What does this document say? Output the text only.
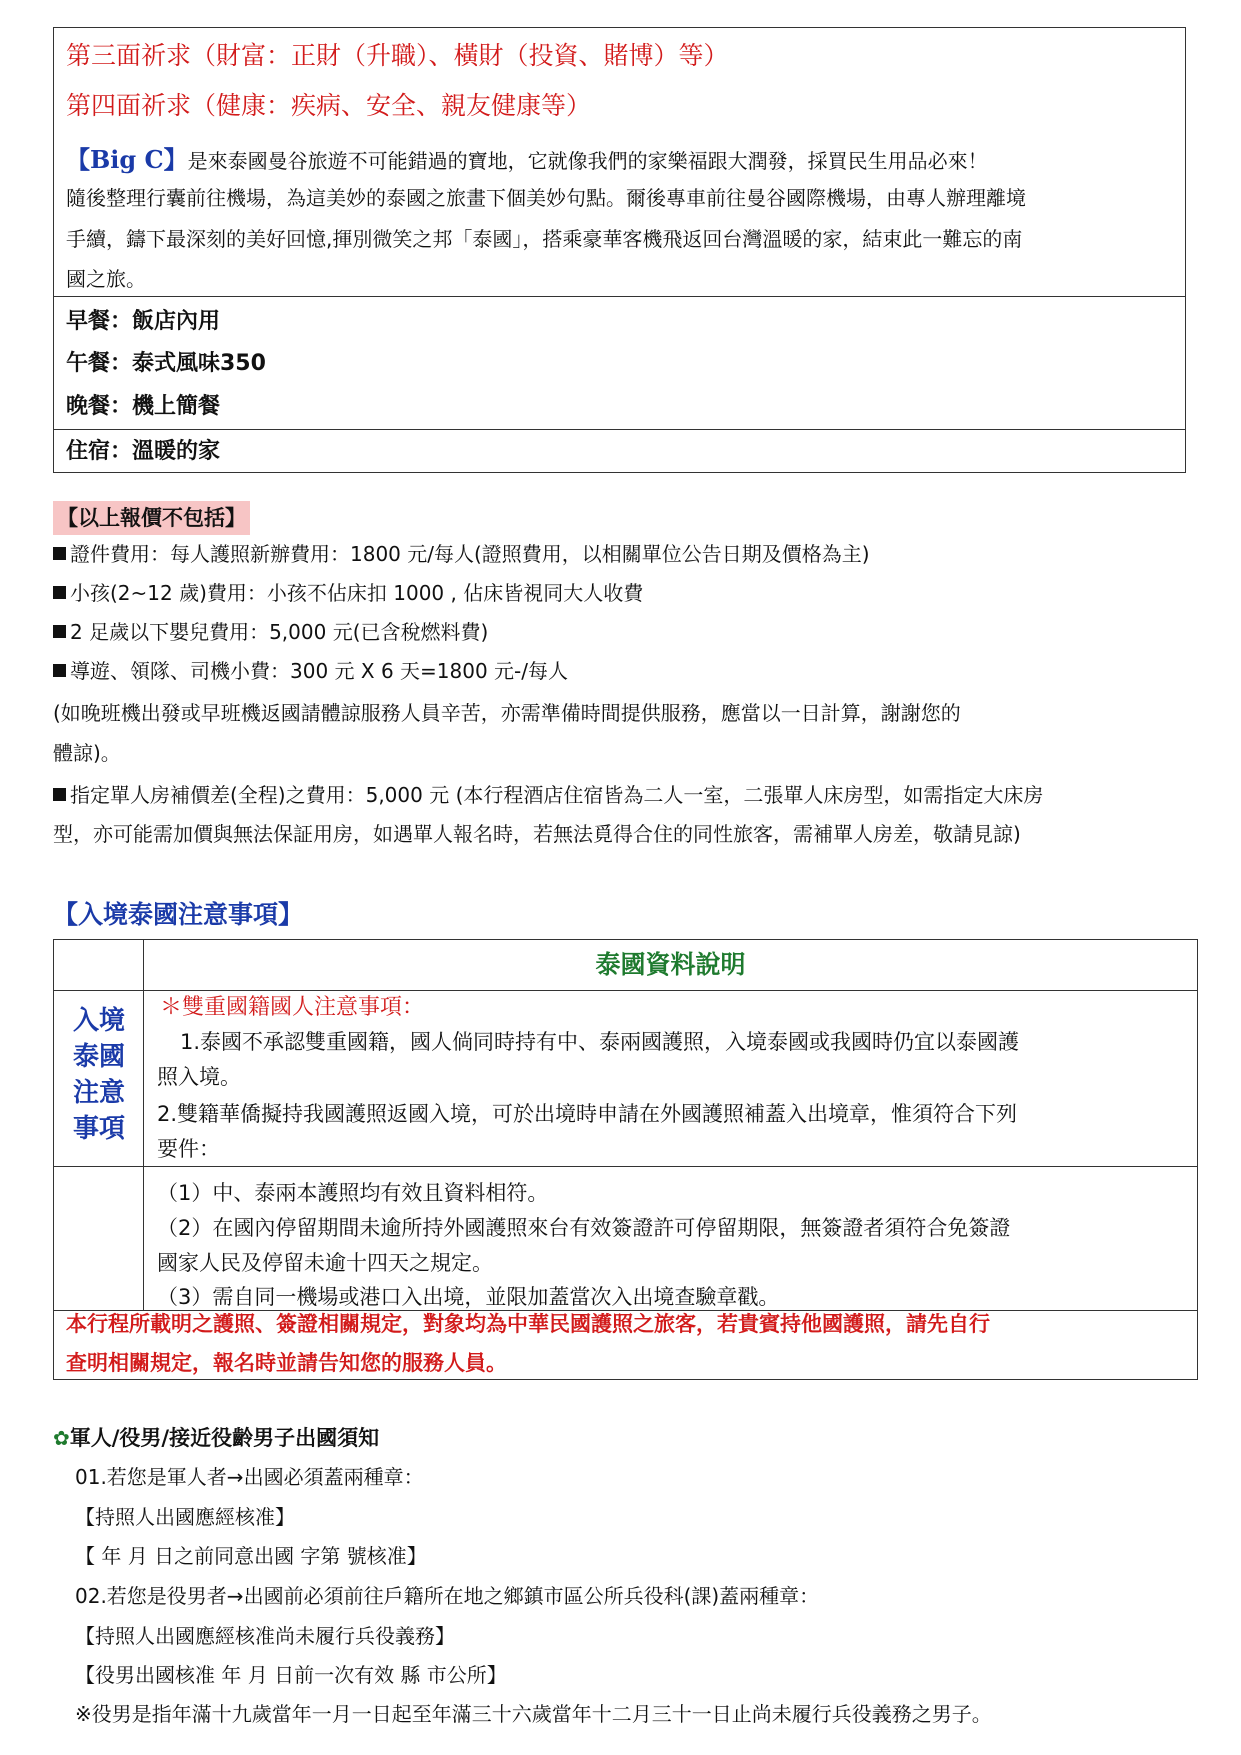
第三面祈求（財富：正財（升職）、橫財（投資、賭博）等）
第四面祈求（健康：疾病、安全、親友健康等）
【Big C】是來泰國曼谷旅遊不可能錯過的寶地，它就像我們的家樂福跟大潤發，採買民生用品必來！
隨後整理行囊前往機場，為這美妙的泰國之旅畫下個美妙句點。爾後專車前往曼谷國際機場，由專人辦理離境
手續，鑄下最深刻的美好回憶,揮別微笑之邦「泰國」，搭乘豪華客機飛返回台灣溫暖的家，結束此一難忘的南
國之旅。
早餐：飯店內用
午餐：泰式風味350
晚餐：機上簡餐
住宿：溫暖的家
【以上報價不包括】
證件費用：每人護照新辦費用：1800 元/每人(證照費用，以相關單位公告日期及價格為主)
小孩(2~12 歲)費用：小孩不佔床扣 1000 , 佔床皆視同大人收費
2 足歲以下嬰兒費用：5,000 元(已含稅燃料費)
導遊、領隊、司機小費：300 元 X 6 天=1800 元-/每人
(如晚班機出發或早班機返國請體諒服務人員辛苦，亦需準備時間提供服務，應當以一日計算，謝謝您的
體諒)。
指定單人房補價差(全程)之費用：5,000 元 (本行程酒店住宿皆為二人一室，二張單人床房型，如需指定大床房
型，亦可能需加價與無法保証用房，如遇單人報名時，若無法覓得合住的同性旅客，需補單人房差，敬請見諒)
【入境泰國注意事項】
泰國資料說明
入境
泰國
注意
事項
＊雙重國籍國人注意事項：
1.泰國不承認雙重國籍，國人倘同時持有中、泰兩國護照，入境泰國或我國時仍宜以泰國護
照入境。
2.雙籍華僑擬持我國護照返國入境，可於出境時申請在外國護照補蓋入出境章，惟須符合下列
要件：
（1）中、泰兩本護照均有效且資料相符。
（2）在國內停留期間未逾所持外國護照來台有效簽證許可停留期限，無簽證者須符合免簽證
國家人民及停留未逾十四天之規定。
（3）需自同一機場或港口入出境，並限加蓋當次入出境查驗章戳。
本行程所載明之護照、簽證相關規定，對象均為中華民國護照之旅客，若貴賓持他國護照，請先自行
查明相關規定，報名時並請告知您的服務人員。
✿軍人/役男/接近役齡男子出國須知
01.若您是軍人者→出國必須蓋兩種章：
【持照人出國應經核准】
【 年 月 日之前同意出國 字第 號核准】
02.若您是役男者→出國前必須前往戶籍所在地之鄉鎮市區公所兵役科(課)蓋兩種章：
【持照人出國應經核准尚未履行兵役義務】
【役男出國核准 年 月 日前一次有效 縣 市公所】
※役男是指年滿十九歲當年一月一日起至年滿三十六歲當年十二月三十一日止尚未履行兵役義務之男子。
